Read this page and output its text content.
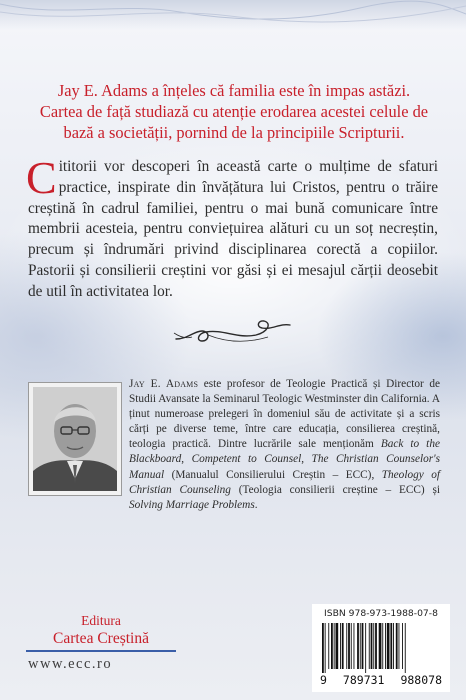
Jay E. Adams a înțeles că familia este în impas astăzi.
Cartea de față studiază cu atenție erodarea acestei celule de
bază a societății, pornind de la principiile Scripturii.
Cititorii vor descoperi în această carte o mulțime de sfaturi practice, inspirate din învățătura lui Cristos, pentru o trăire creștină în cadrul familiei, pentru o mai bună comunicare între membrii acesteia, pentru conviețuirea alături cu un soț necreștin, precum și îndrumări privind disciplinarea corectă a copiilor. Pastorii și consilierii creștini vor găsi și ei mesajul cărții deosebit de util în activitatea lor.
Jay E. Adams este profesor de Teologie Practică și Director de Studii Avansate la Seminarul Teologic Westminster din California. A ținut numeroase prelegeri în domeniul său de activitate și a scris cărți pe diverse teme, între care educația, consilierea creștină, teologia practică. Dintre lucrările sale menționăm Back to the Blackboard, Competent to Counsel, The Christian Counselor's Manual (Manualul Consilierului Creștin – ECC), Theology of Christian Counseling (Teologia consilierii creștine – ECC) și Solving Marriage Problems.
Editura
Cartea Creștină
www.ecc.ro
ISBN 978-973-1988-07-8
9 789731 988078
